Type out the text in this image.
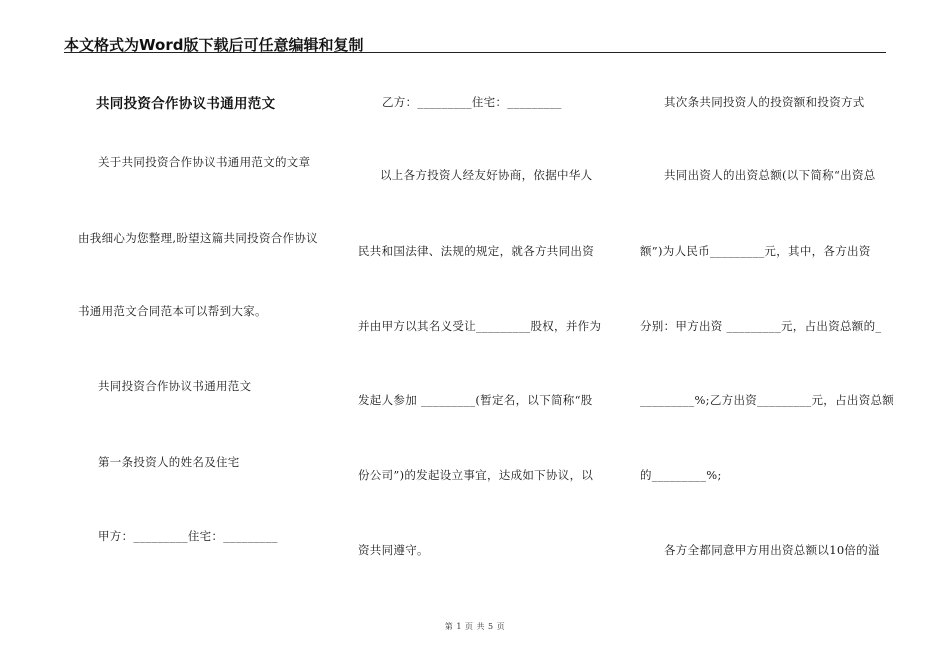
本文格式为Word版下载后可任意编辑和复制
共同投资合作协议书通用范文
关于共同投资合作协议书通用范文的文章
由我细心为您整理,盼望这篇共同投资合作协议
书通用范文合同范本可以帮到大家。
共同投资合作协议书通用范文
第一条投资人的姓名及住宅
甲方：_________住宅：_________
乙方：_________住宅：_________
以上各方投资人经友好协商，依据中华人
民共和国法律、法规的规定，就各方共同出资
并由甲方以其名义受让_________股权，并作为
发起人参加 _________(暂定名，以下简称“股
份公司”)的发起设立事宜，达成如下协议，以
资共同遵守。
其次条共同投资人的投资额和投资方式
共同出资人的出资总额(以下简称“出资总
额”)为人民币_________元，其中，各方出资
分别：甲方出资 _________元，占出资总额的_
_________%;乙方出资_________元，占出资总额
的_________%;
各方全都同意甲方用出资总额以10倍的溢
第 1 页 共 5 页
